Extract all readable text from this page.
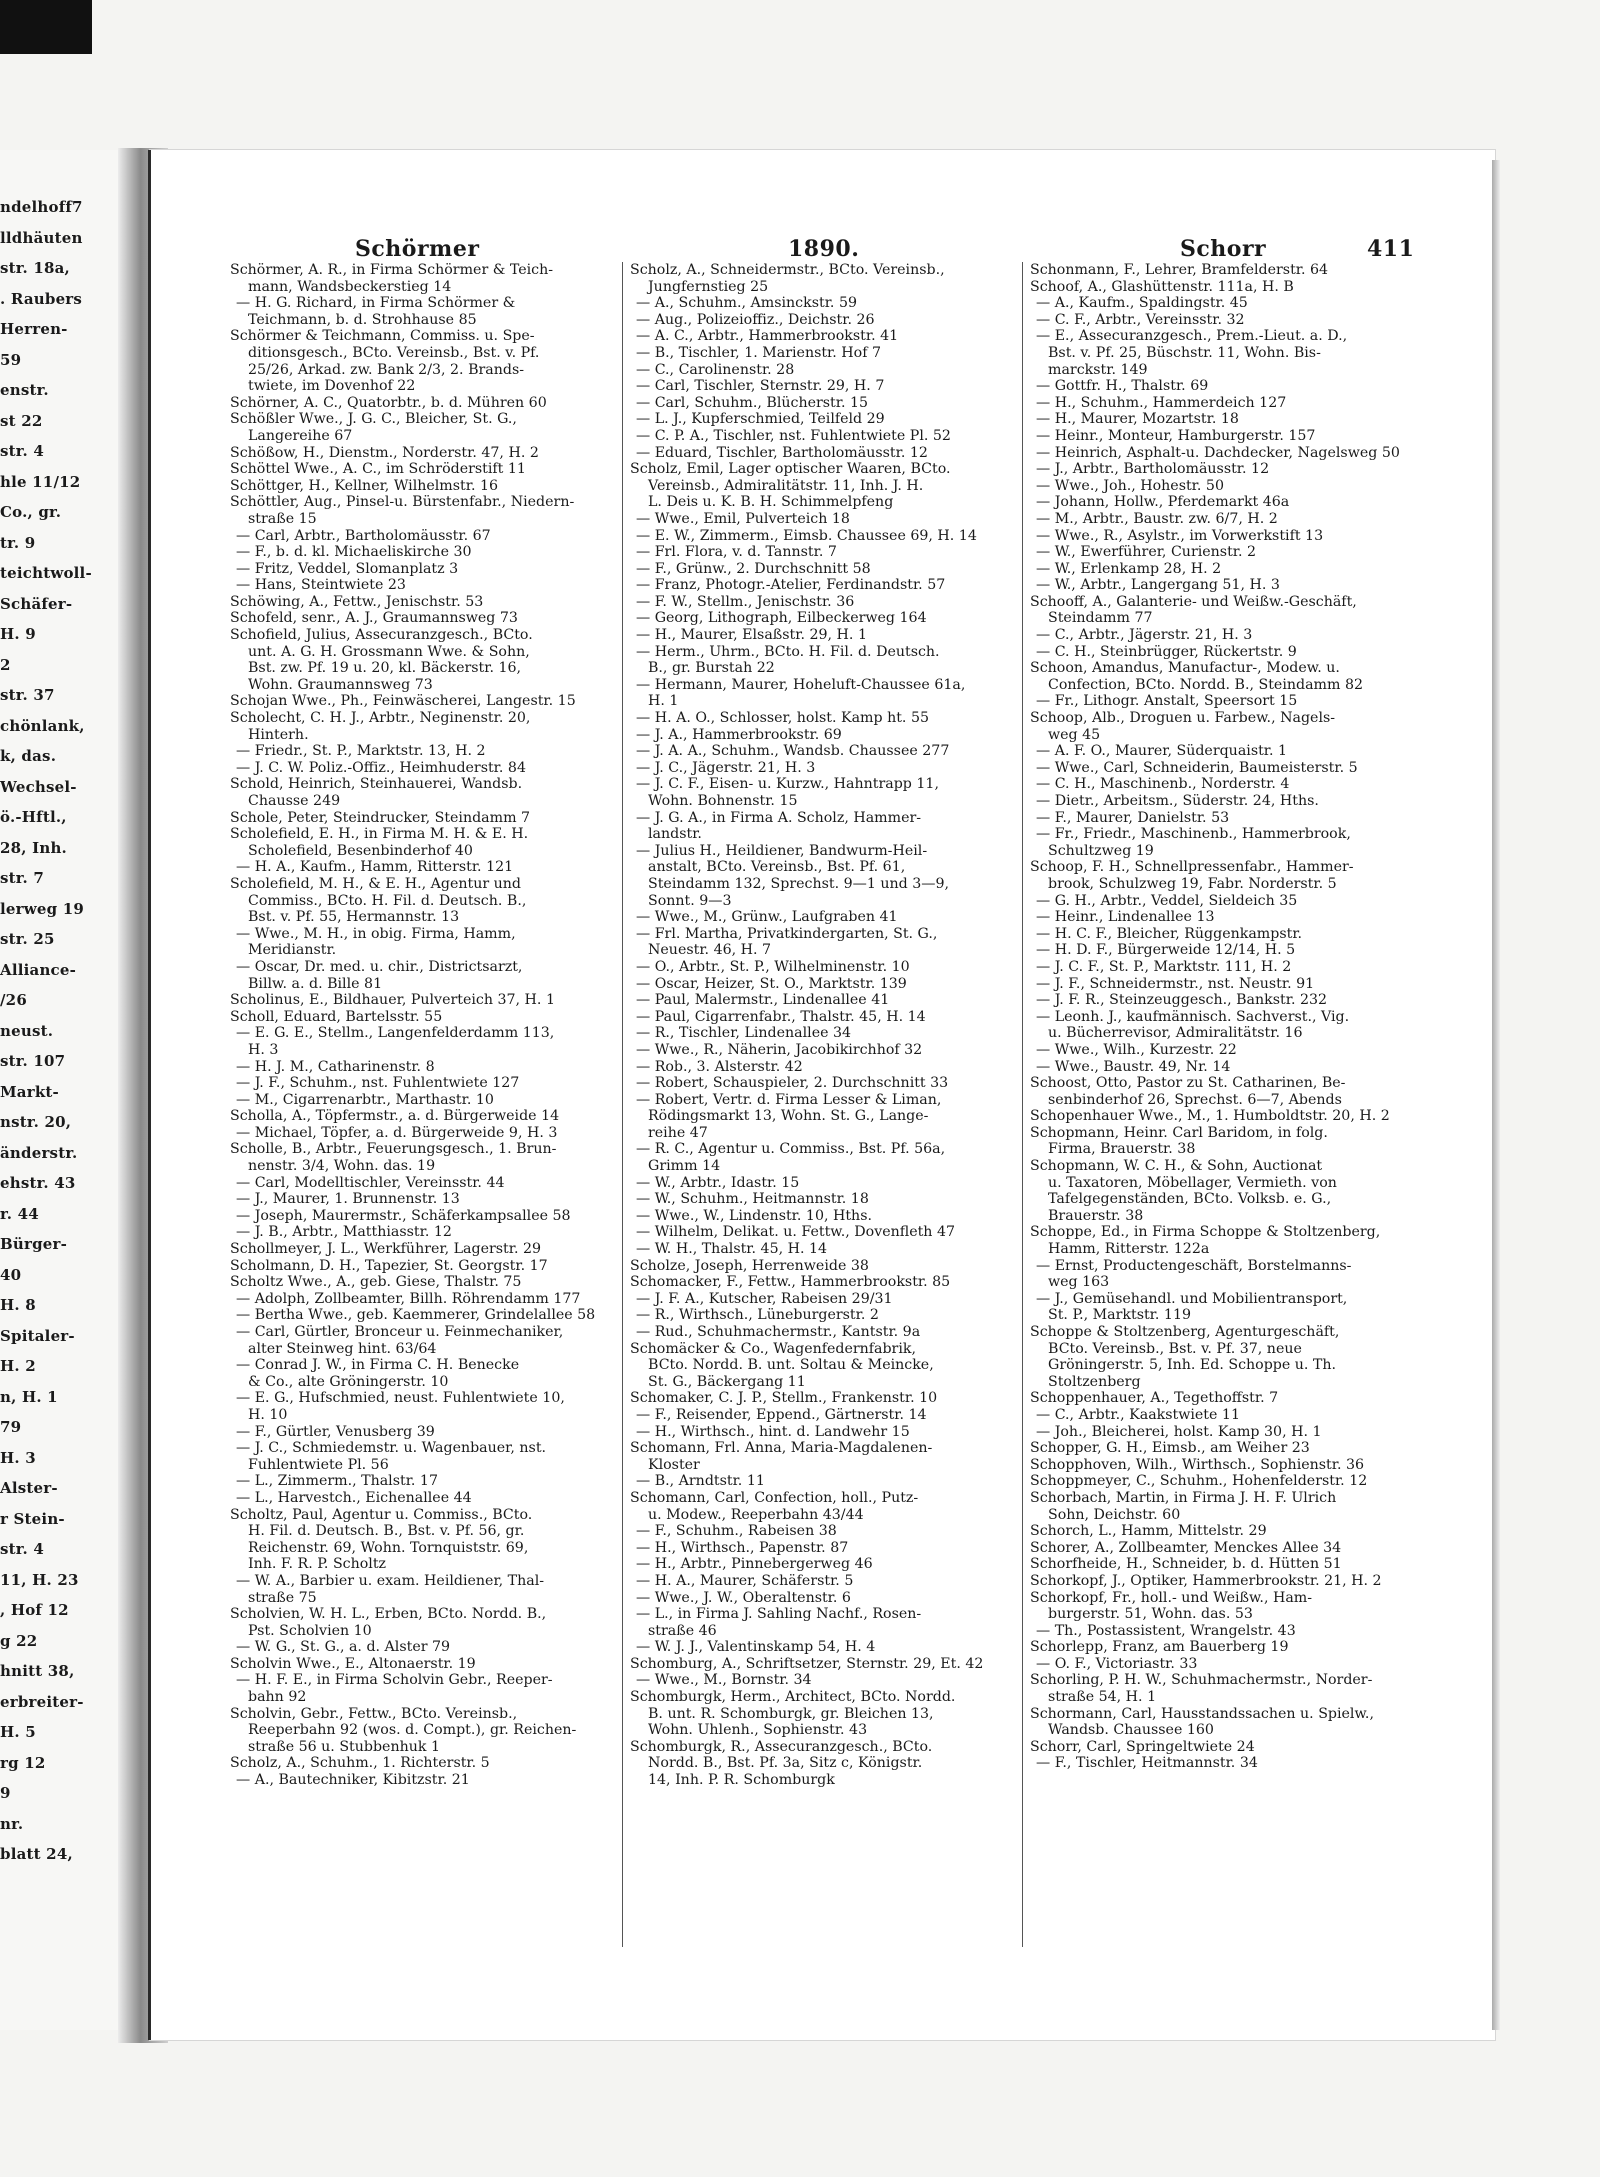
ndelhoff7
lldhäuten
str. 18a,
. Raubers
Herren-
59
enstr.
st 22
str. 4
hle 11/12
Co., gr.
tr. 9
teichtwoll-
Schäfer-
H. 9
2
str. 37
chönlank,
k, das.
Wechsel-
ö.-Hftl.,
28, Inh.
str. 7
lerweg 19
str. 25
Alliance-
/26
neust.
str. 107
Markt-
nstr. 20,
änderstr.
ehstr. 43
r. 44
Bürger-
40
H. 8
Spitaler-
H. 2
n, H. 1
79
H. 3
Alster-
r Stein-
str. 4
11, H. 23
, Hof 12
g 22
hnitt 38,
erbreiter-
H. 5
rg 12
9
nr.
blatt 24,
Schörmer	1890.	Schorr	411
Schörmer, A. R., in Firma Schörmer & Teich-
mann, Wandsbeckerstieg 14
— H. G. Richard, in Firma Schörmer &
Teichmann, b. d. Strohhause 85
Schörmer & Teichmann, Commiss. u. Spe-
ditionsgesch., BCto. Vereinsb., Bst. v. Pf.
25/26, Arkad. zw. Bank 2/3, 2. Brands-
twiete, im Dovenhof 22
Schörner, A. C., Quatorbtr., b. d. Mühren 60
Schößler Wwe., J. G. C., Bleicher, St. G.,
Langereihe 67
Schößow, H., Dienstm., Norderstr. 47, H. 2
Schöttel Wwe., A. C., im Schröderstift 11
Schöttger, H., Kellner, Wilhelmstr. 16
Schöttler, Aug., Pinsel-u. Bürstenfabr., Niedern-
straße 15
— Carl, Arbtr., Bartholomäusstr. 67
— F., b. d. kl. Michaeliskirche 30
— Fritz, Veddel, Slomanplatz 3
— Hans, Steintwiete 23
Schöwing, A., Fettw., Jenischstr. 53
Schofeld, senr., A. J., Graumannsweg 73
Schofield, Julius, Assecuranzgesch., BCto.
unt. A. G. H. Grossmann Wwe. & Sohn,
Bst. zw. Pf. 19 u. 20, kl. Bäckerstr. 16,
Wohn. Graumannsweg 73
Schojan Wwe., Ph., Feinwäscherei, Langestr. 15
Scholecht, C. H. J., Arbtr., Neginenstr. 20,
Hinterh.
— Friedr., St. P., Marktstr. 13, H. 2
— J. C. W. Poliz.-Offiz., Heimhuderstr. 84
Schold, Heinrich, Steinhauerei, Wandsb.
Chausse 249
Schole, Peter, Steindrucker, Steindamm 7
Scholefield, E. H., in Firma M. H. & E. H.
Scholefield, Besenbinderhof 40
— H. A., Kaufm., Hamm, Ritterstr. 121
Scholefield, M. H., & E. H., Agentur und
Commiss., BCto. H. Fil. d. Deutsch. B.,
Bst. v. Pf. 55, Hermannstr. 13
— Wwe., M. H., in obig. Firma, Hamm,
Meridianstr.
— Oscar, Dr. med. u. chir., Districtsarzt,
Billw. a. d. Bille 81
Scholinus, E., Bildhauer, Pulverteich 37, H. 1
Scholl, Eduard, Bartelsstr. 55
— E. G. E., Stellm., Langenfelderdamm 113,
H. 3
— H. J. M., Catharinenstr. 8
— J. F., Schuhm., nst. Fuhlentwiete 127
— M., Cigarrenarbtr., Marthastr. 10
Scholla, A., Töpfermstr., a. d. Bürgerweide 14
— Michael, Töpfer, a. d. Bürgerweide 9, H. 3
Scholle, B., Arbtr., Feuerungsgesch., 1. Brun-
nenstr. 3/4, Wohn. das. 19
— Carl, Modelltischler, Vereinsstr. 44
— J., Maurer, 1. Brunnenstr. 13
— Joseph, Maurermstr., Schäferkampsallee 58
— J. B., Arbtr., Matthiasstr. 12
Schollmeyer, J. L., Werkführer, Lagerstr. 29
Scholmann, D. H., Tapezier, St. Georgstr. 17
Scholtz Wwe., A., geb. Giese, Thalstr. 75
— Adolph, Zollbeamter, Billh. Röhrendamm 177
— Bertha Wwe., geb. Kaemmerer, Grindelallee 58
— Carl, Gürtler, Bronceur u. Feinmechaniker,
alter Steinweg hint. 63/64
— Conrad J. W., in Firma C. H. Benecke
& Co., alte Gröningerstr. 10
— E. G., Hufschmied, neust. Fuhlentwiete 10,
H. 10
— F., Gürtler, Venusberg 39
— J. C., Schmiedemstr. u. Wagenbauer, nst.
Fuhlentwiete Pl. 56
— L., Zimmerm., Thalstr. 17
— L., Harvestch., Eichenallee 44
Scholtz, Paul, Agentur u. Commiss., BCto.
H. Fil. d. Deutsch. B., Bst. v. Pf. 56, gr.
Reichenstr. 69, Wohn. Tornquiststr. 69,
Inh. F. R. P. Scholtz
— W. A., Barbier u. exam. Heildiener, Thal-
straße 75
Scholvien, W. H. L., Erben, BCto. Nordd. B.,
Pst. Scholvien 10
— W. G., St. G., a. d. Alster 79
Scholvin Wwe., E., Altonaerstr. 19
— H. F. E., in Firma Scholvin Gebr., Reeper-
bahn 92
Scholvin, Gebr., Fettw., BCto. Vereinsb.,
Reeperbahn 92 (wos. d. Compt.), gr. Reichen-
straße 56 u. Stubbenhuk 1
Scholz, A., Schuhm., 1. Richterstr. 5
— A., Bautechniker, Kibitzstr. 21
Scholz, A., Schneidermstr., BCto. Vereinsb.,
Jungfernstieg 25
— A., Schuhm., Amsinckstr. 59
— Aug., Polizeioffiz., Deichstr. 26
— A. C., Arbtr., Hammerbrookstr. 41
— B., Tischler, 1. Marienstr. Hof 7
— C., Carolinenstr. 28
— Carl, Tischler, Sternstr. 29, H. 7
— Carl, Schuhm., Blücherstr. 15
— L. J., Kupferschmied, Teilfeld 29
— C. P. A., Tischler, nst. Fuhlentwiete Pl. 52
— Eduard, Tischler, Bartholomäusstr. 12
Scholz, Emil, Lager optischer Waaren, BCto.
Vereinsb., Admiralitätstr. 11, Inh. J. H.
L. Deis u. K. B. H. Schimmelpfeng
— Wwe., Emil, Pulverteich 18
— E. W., Zimmerm., Eimsb. Chaussee 69, H. 14
— Frl. Flora, v. d. Tannstr. 7
— F., Grünw., 2. Durchschnitt 58
— Franz, Photogr.-Atelier, Ferdinandstr. 57
— F. W., Stellm., Jenischstr. 36
— Georg, Lithograph, Eilbeckerweg 164
— H., Maurer, Elsaßstr. 29, H. 1
— Herm., Uhrm., BCto. H. Fil. d. Deutsch.
B., gr. Burstah 22
— Hermann, Maurer, Hoheluft-Chaussee 61a,
H. 1
— H. A. O., Schlosser, holst. Kamp ht. 55
— J. A., Hammerbrookstr. 69
— J. A. A., Schuhm., Wandsb. Chaussee 277
— J. C., Jägerstr. 21, H. 3
— J. C. F., Eisen- u. Kurzw., Hahntrapp 11,
Wohn. Bohnenstr. 15
— J. G. A., in Firma A. Scholz, Hammer-
landstr.
— Julius H., Heildiener, Bandwurm-Heil-
anstalt, BCto. Vereinsb., Bst. Pf. 61,
Steindamm 132, Sprechst. 9—1 und 3—9,
Sonnt. 9—3
— Wwe., M., Grünw., Laufgraben 41
— Frl. Martha, Privatkindergarten, St. G.,
Neuestr. 46, H. 7
— O., Arbtr., St. P., Wilhelminenstr. 10
— Oscar, Heizer, St. O., Marktstr. 139
— Paul, Malermstr., Lindenallee 41
— Paul, Cigarrenfabr., Thalstr. 45, H. 14
— R., Tischler, Lindenallee 34
— Wwe., R., Näherin, Jacobikirchhof 32
— Rob., 3. Alsterstr. 42
— Robert, Schauspieler, 2. Durchschnitt 33
— Robert, Vertr. d. Firma Lesser & Liman,
Rödingsmarkt 13, Wohn. St. G., Lange-
reihe 47
— R. C., Agentur u. Commiss., Bst. Pf. 56a,
Grimm 14
— W., Arbtr., Idastr. 15
— W., Schuhm., Heitmannstr. 18
— Wwe., W., Lindenstr. 10, Hths.
— Wilhelm, Delikat. u. Fettw., Dovenfleth 47
— W. H., Thalstr. 45, H. 14
Scholze, Joseph, Herrenweide 38
Schomacker, F., Fettw., Hammerbrookstr. 85
— J. F. A., Kutscher, Rabeisen 29/31
— R., Wirthsch., Lüneburgerstr. 2
— Rud., Schuhmachermstr., Kantstr. 9a
Schomäcker & Co., Wagenfedernfabrik,
BCto. Nordd. B. unt. Soltau & Meincke,
St. G., Bäckergang 11
Schomaker, C. J. P., Stellm., Frankenstr. 10
— F., Reisender, Eppend., Gärtnerstr. 14
— H., Wirthsch., hint. d. Landwehr 15
Schomann, Frl. Anna, Maria-Magdalenen-
Kloster
— B., Arndtstr. 11
Schomann, Carl, Confection, holl., Putz-
u. Modew., Reeperbahn 43/44
— F., Schuhm., Rabeisen 38
— H., Wirthsch., Papenstr. 87
— H., Arbtr., Pinnebergerweg 46
— H. A., Maurer, Schäferstr. 5
— Wwe., J. W., Oberaltenstr. 6
— L., in Firma J. Sahling Nachf., Rosen-
straße 46
— W. J. J., Valentinskamp 54, H. 4
Schomburg, A., Schriftsetzer, Sternstr. 29, Et. 42
— Wwe., M., Bornstr. 34
Schomburgk, Herm., Architect, BCto. Nordd.
B. unt. R. Schomburgk, gr. Bleichen 13,
Wohn. Uhlenh., Sophienstr. 43
Schomburgk, R., Assecuranzgesch., BCto.
Nordd. B., Bst. Pf. 3a, Sitz c, Königstr.
14, Inh. P. R. Schomburgk
Schonmann, F., Lehrer, Bramfelderstr. 64
Schoof, A., Glashüttenstr. 111a, H. B
— A., Kaufm., Spaldingstr. 45
— C. F., Arbtr., Vereinsstr. 32
— E., Assecuranzgesch., Prem.-Lieut. a. D.,
Bst. v. Pf. 25, Büschstr. 11, Wohn. Bis-
marckstr. 149
— Gottfr. H., Thalstr. 69
— H., Schuhm., Hammerdeich 127
— H., Maurer, Mozartstr. 18
— Heinr., Monteur, Hamburgerstr. 157
— Heinrich, Asphalt-u. Dachdecker, Nagelsweg 50
— J., Arbtr., Bartholomäusstr. 12
— Wwe., Joh., Hohestr. 50
— Johann, Hollw., Pferdemarkt 46a
— M., Arbtr., Baustr. zw. 6/7, H. 2
— Wwe., R., Asylstr., im Vorwerkstift 13
— W., Ewerführer, Curienstr. 2
— W., Erlenkamp 28, H. 2
— W., Arbtr., Langergang 51, H. 3
Schooff, A., Galanterie- und Weißw.-Geschäft,
Steindamm 77
— C., Arbtr., Jägerstr. 21, H. 3
— C. H., Steinbrügger, Rückertstr. 9
Schoon, Amandus, Manufactur-, Modew. u.
Confection, BCto. Nordd. B., Steindamm 82
— Fr., Lithogr. Anstalt, Speersort 15
Schoop, Alb., Droguen u. Farbew., Nagels-
weg 45
— A. F. O., Maurer, Süderquaistr. 1
— Wwe., Carl, Schneiderin, Baumeisterstr. 5
— C. H., Maschinenb., Norderstr. 4
— Dietr., Arbeitsm., Süderstr. 24, Hths.
— F., Maurer, Danielstr. 53
— Fr., Friedr., Maschinenb., Hammerbrook,
Schultzweg 19
Schoop, F. H., Schnellpressenfabr., Hammer-
brook, Schulzweg 19, Fabr. Norderstr. 5
— G. H., Arbtr., Veddel, Sieldeich 35
— Heinr., Lindenallee 13
— H. C. F., Bleicher, Rüggenkampstr.
— H. D. F., Bürgerweide 12/14, H. 5
— J. C. F., St. P., Marktstr. 111, H. 2
— J. F., Schneidermstr., nst. Neustr. 91
— J. F. R., Steinzeuggesch., Bankstr. 232
— Leonh. J., kaufmännisch. Sachverst., Vig.
u. Bücherrevisor, Admiralitätstr. 16
— Wwe., Wilh., Kurzestr. 22
— Wwe., Baustr. 49, Nr. 14
Schoost, Otto, Pastor zu St. Catharinen, Be-
senbinderhof 26, Sprechst. 6—7, Abends
Schopenhauer Wwe., M., 1. Humboldtstr. 20, H. 2
Schopmann, Heinr. Carl Baridom, in folg.
Firma, Brauerstr. 38
Schopmann, W. C. H., & Sohn, Auctionat
u. Taxatoren, Möbellager, Vermieth. von
Tafelgegenständen, BCto. Volksb. e. G.,
Brauerstr. 38
Schoppe, Ed., in Firma Schoppe & Stoltzenberg,
Hamm, Ritterstr. 122a
— Ernst, Productengeschäft, Borstelmanns-
weg 163
— J., Gemüsehandl. und Mobilientransport,
St. P., Marktstr. 119
Schoppe & Stoltzenberg, Agenturgeschäft,
BCto. Vereinsb., Bst. v. Pf. 37, neue
Gröningerstr. 5, Inh. Ed. Schoppe u. Th.
Stoltzenberg
Schoppenhauer, A., Tegethoffstr. 7
— C., Arbtr., Kaakstwiete 11
— Joh., Bleicherei, holst. Kamp 30, H. 1
Schopper, G. H., Eimsb., am Weiher 23
Schopphoven, Wilh., Wirthsch., Sophienstr. 36
Schoppmeyer, C., Schuhm., Hohenfelderstr. 12
Schorbach, Martin, in Firma J. H. F. Ulrich
Sohn, Deichstr. 60
Schorch, L., Hamm, Mittelstr. 29
Schorer, A., Zollbeamter, Menckes Allee 34
Schorfheide, H., Schneider, b. d. Hütten 51
Schorkopf, J., Optiker, Hammerbrookstr. 21, H. 2
Schorkopf, Fr., holl.- und Weißw., Ham-
burgerstr. 51, Wohn. das. 53
— Th., Postassistent, Wrangelstr. 43
Schorlepp, Franz, am Bauerberg 19
— O. F., Victoriastr. 33
Schorling, P. H. W., Schuhmachermstr., Norder-
straße 54, H. 1
Schormann, Carl, Hausstandssachen u. Spielw.,
Wandsb. Chaussee 160
Schorr, Carl, Springeltwiete 24
— F., Tischler, Heitmannstr. 34
